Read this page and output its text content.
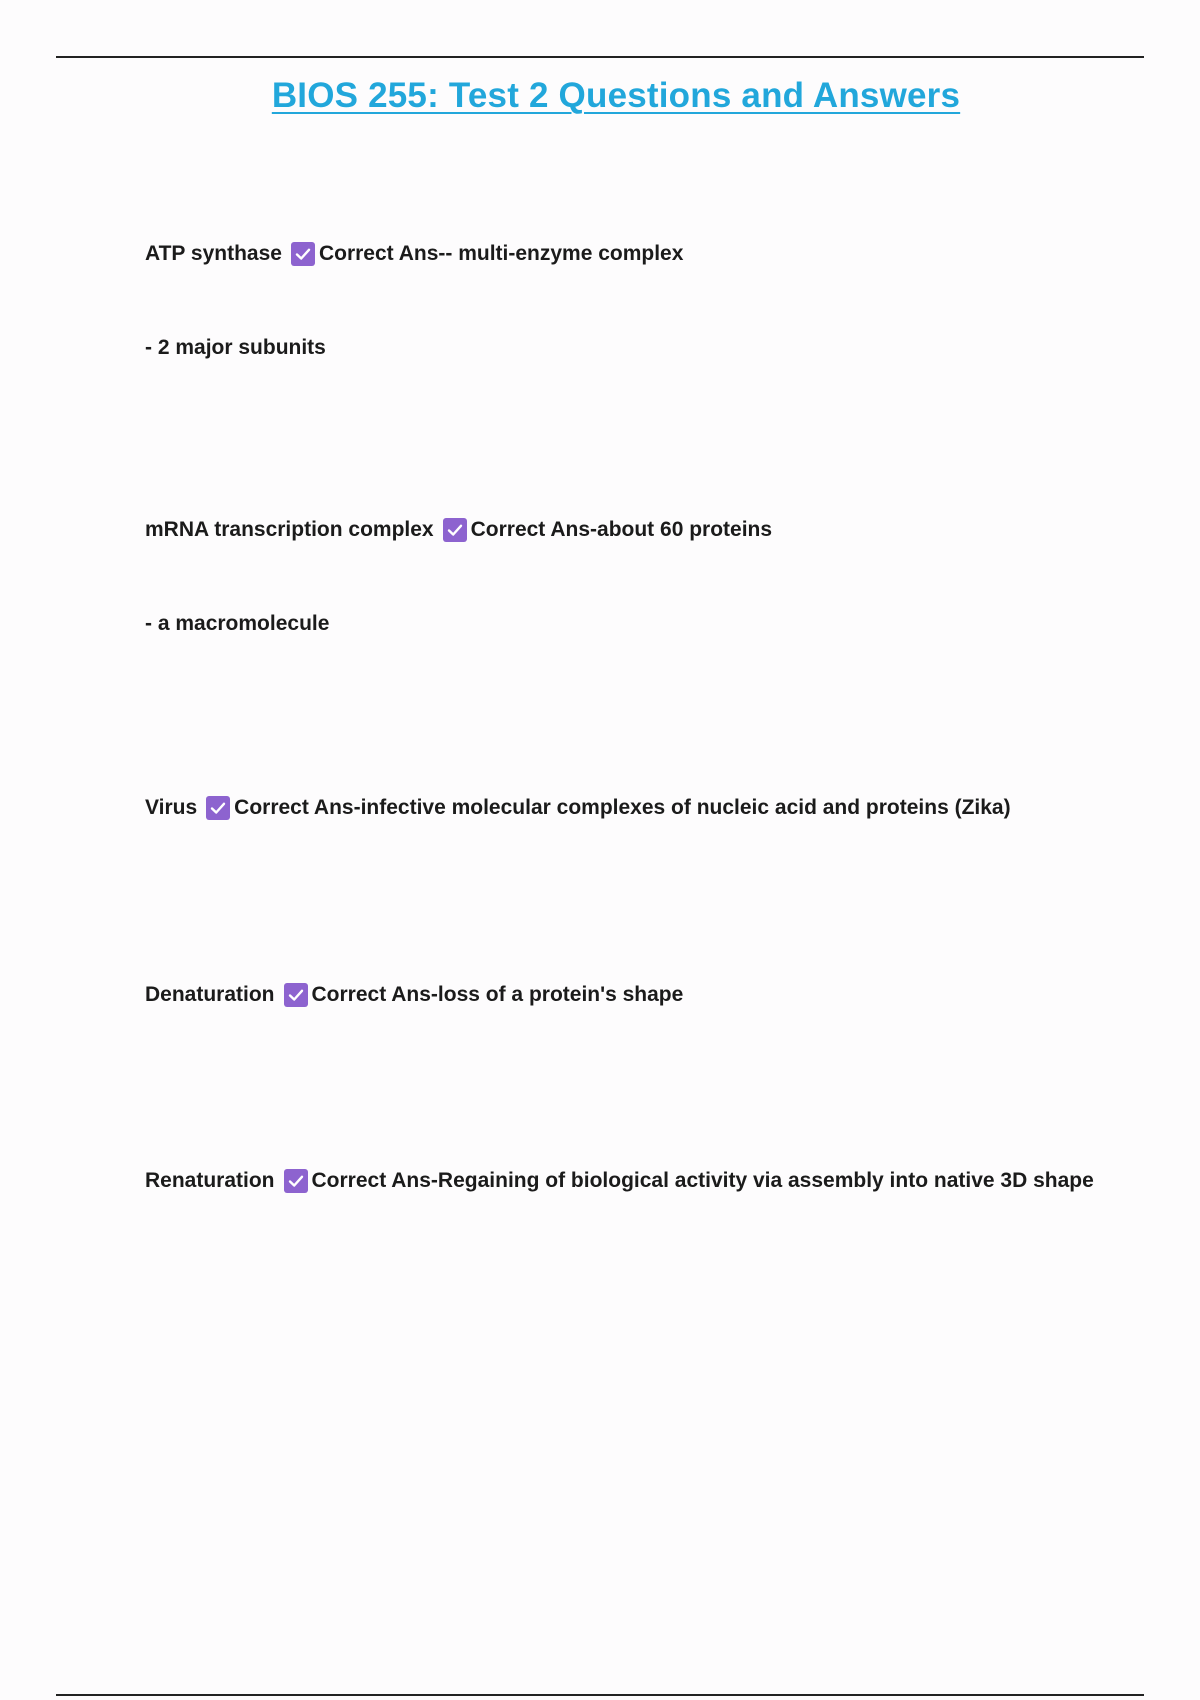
BIOS 255: Test 2 Questions and Answers
ATP synthase Correct Ans-- multi-enzyme complex
- 2 major subunits
mRNA transcription complex Correct Ans-about 60 proteins
- a macromolecule
Virus Correct Ans-infective molecular complexes of nucleic acid and proteins (Zika)
Denaturation Correct Ans-loss of a protein's shape
Renaturation Correct Ans-Regaining of biological activity via assembly into native 3D shape
